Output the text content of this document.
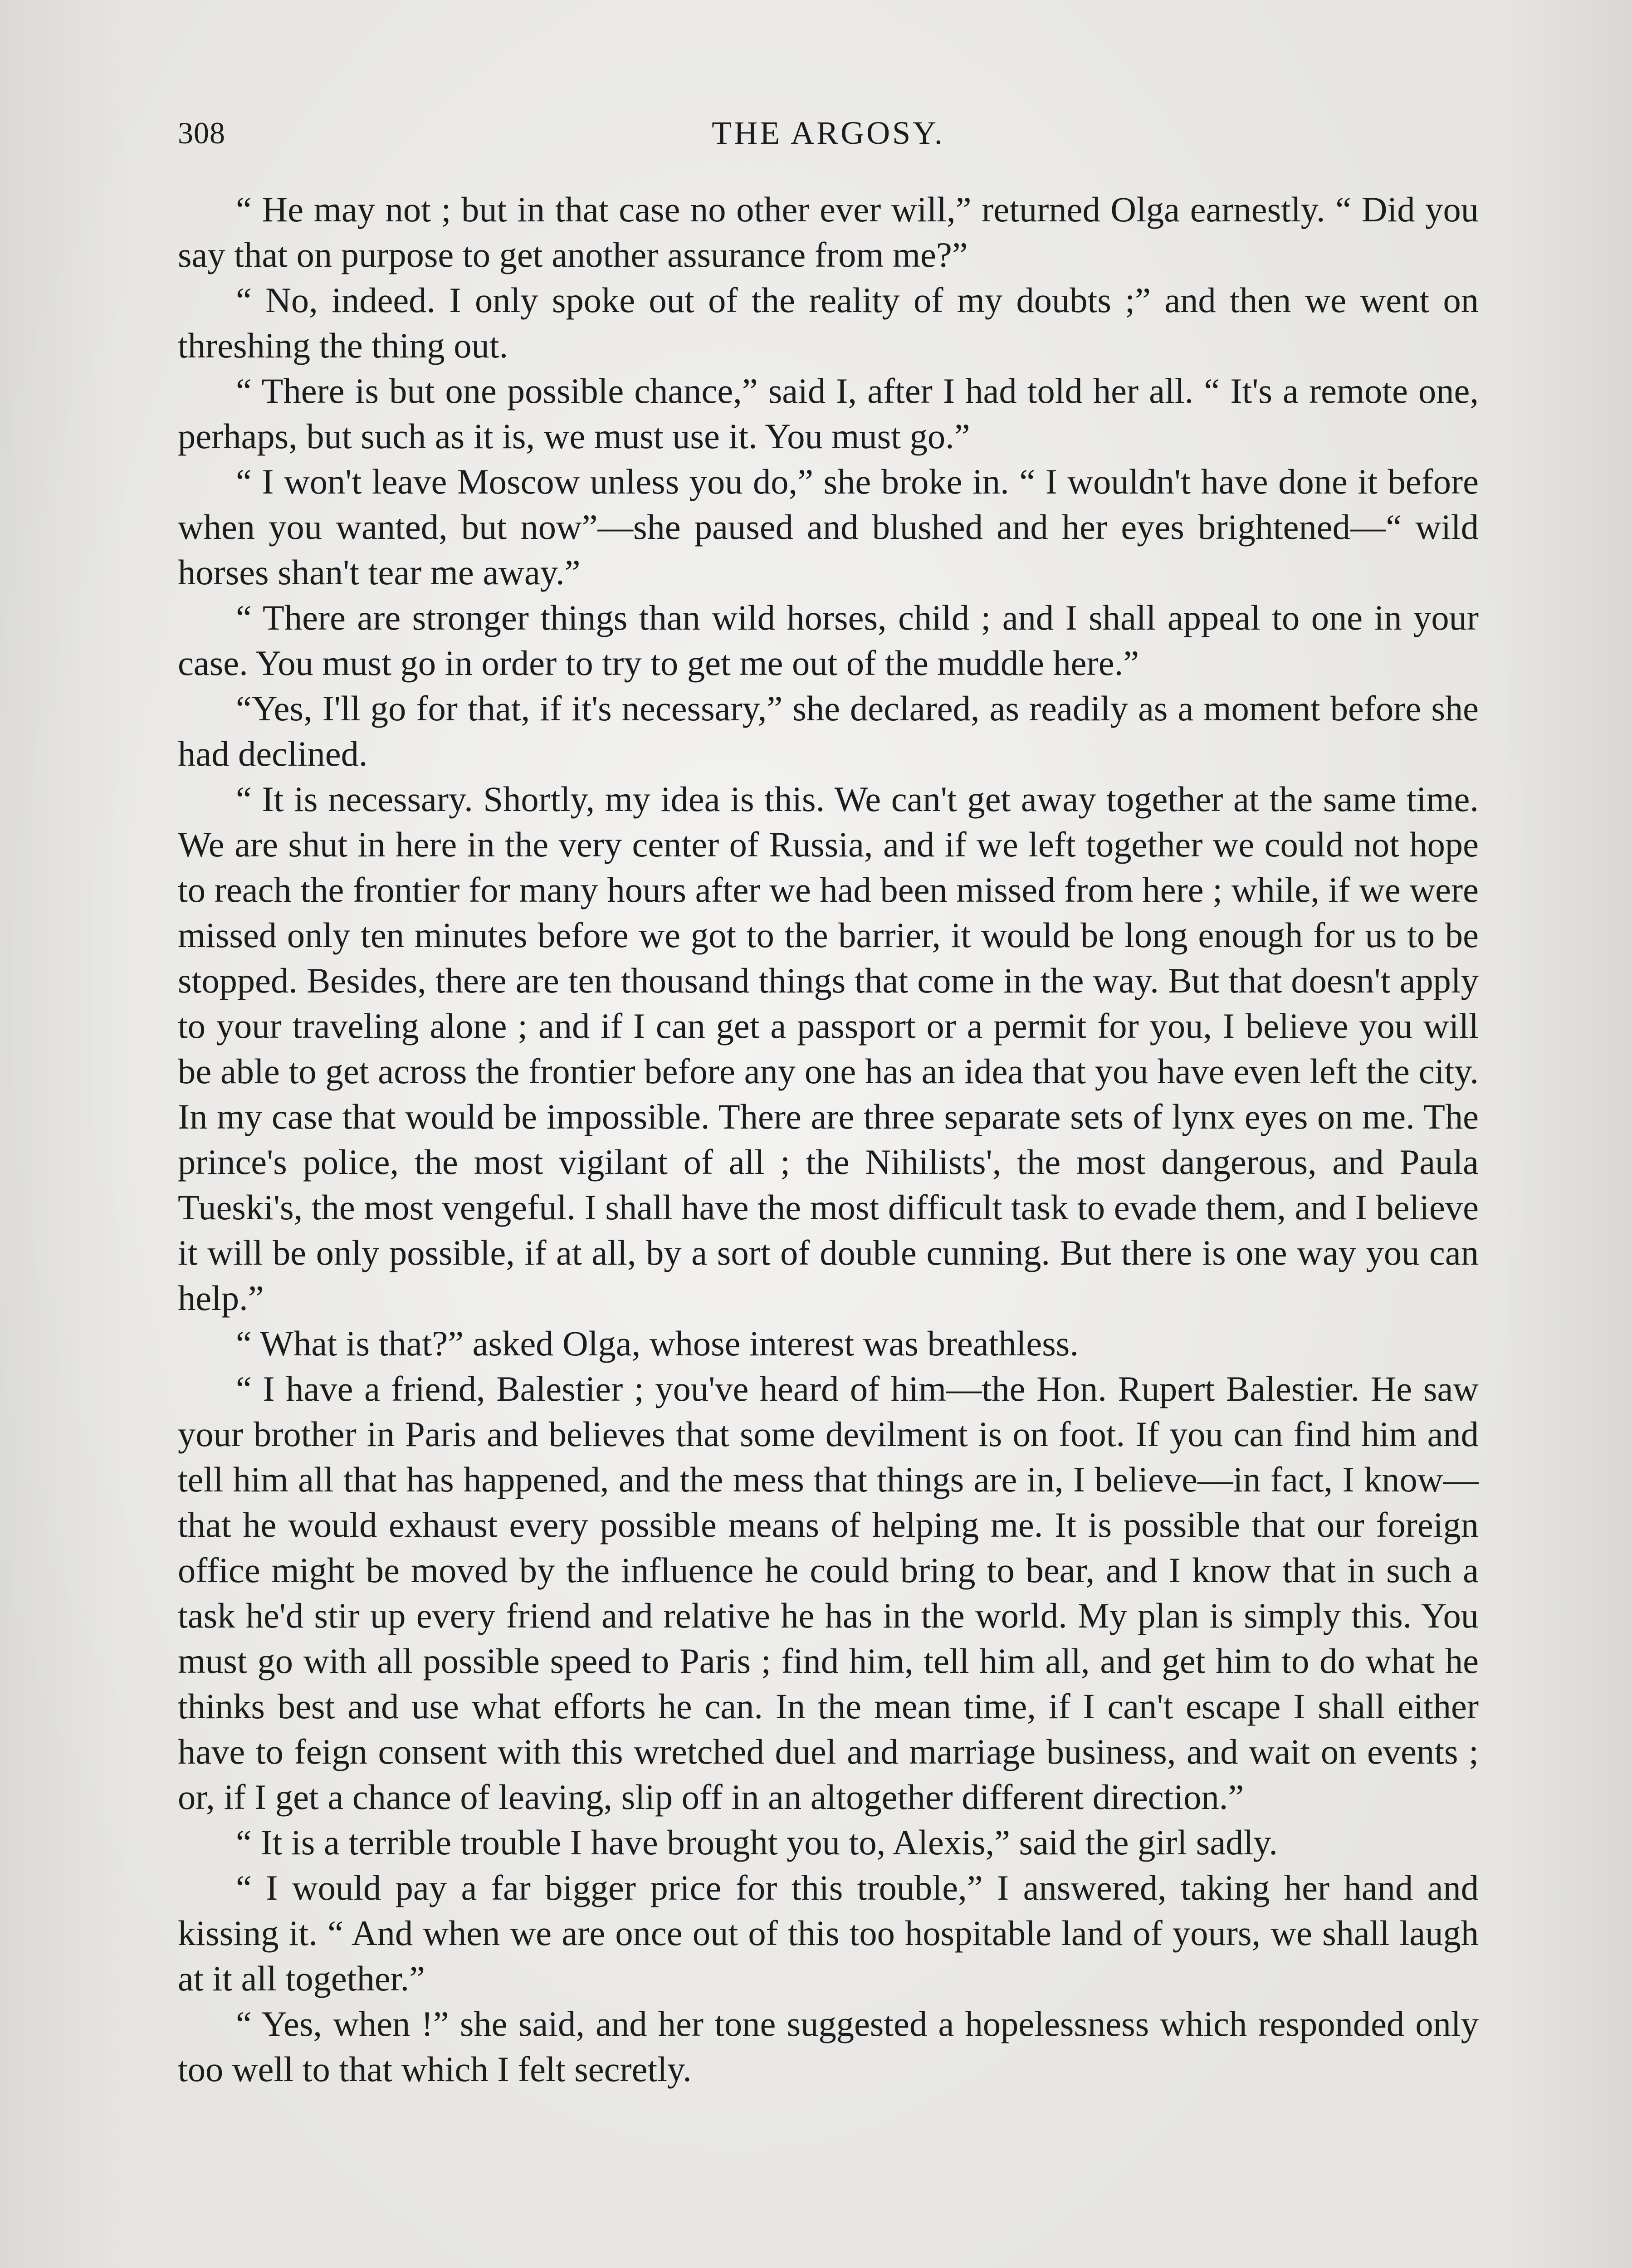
308	THE ARGOSY.

“ He may not ; but in that case no other ever will,” returned Olga earnestly. “ Did you say that on purpose to get another assurance from me?”

“ No, indeed. I only spoke out of the reality of my doubts ;” and then we went on threshing the thing out.

“ There is but one possible chance,” said I, after I had told her all. “ It's a remote one, perhaps, but such as it is, we must use it. You must go.”

“ I won't leave Moscow unless you do,” she broke in. “ I wouldn't have done it before when you wanted, but now”—she paused and blushed and her eyes brightened—“ wild horses shan't tear me away.”

“ There are stronger things than wild horses, child ; and I shall appeal to one in your case. You must go in order to try to get me out of the muddle here.”

“Yes, I'll go for that, if it's necessary,” she declared, as readily as a moment before she had declined.

“ It is necessary. Shortly, my idea is this. We can't get away together at the same time. We are shut in here in the very center of Russia, and if we left together we could not hope to reach the frontier for many hours after we had been missed from here ; while, if we were missed only ten minutes before we got to the barrier, it would be long enough for us to be stopped. Besides, there are ten thousand things that come in the way. But that doesn't apply to your traveling alone ; and if I can get a passport or a permit for you, I believe you will be able to get across the frontier before any one has an idea that you have even left the city. In my case that would be impossible. There are three separate sets of lynx eyes on me. The prince's police, the most vigilant of all ; the Nihilists', the most dangerous, and Paula Tueski's, the most vengeful. I shall have the most difficult task to evade them, and I believe it will be only possible, if at all, by a sort of double cunning. But there is one way you can help.”

“ What is that?” asked Olga, whose interest was breathless.

“ I have a friend, Balestier ; you've heard of him—the Hon. Rupert Balestier. He saw your brother in Paris and believes that some devilment is on foot. If you can find him and tell him all that has happened, and the mess that things are in, I believe—in fact, I know—that he would exhaust every possible means of helping me. It is possible that our foreign office might be moved by the influence he could bring to bear, and I know that in such a task he'd stir up every friend and relative he has in the world. My plan is simply this. You must go with all possible speed to Paris ; find him, tell him all, and get him to do what he thinks best and use what efforts he can. In the mean time, if I can't escape I shall either have to feign consent with this wretched duel and marriage business, and wait on events ; or, if I get a chance of leaving, slip off in an altogether different direction.”

“ It is a terrible trouble I have brought you to, Alexis,” said the girl sadly.

“ I would pay a far bigger price for this trouble,” I answered, taking her hand and kissing it. “ And when we are once out of this too hospitable land of yours, we shall laugh at it all together.”

“ Yes, when !” she said, and her tone suggested a hopelessness which responded only too well to that which I felt secretly.
